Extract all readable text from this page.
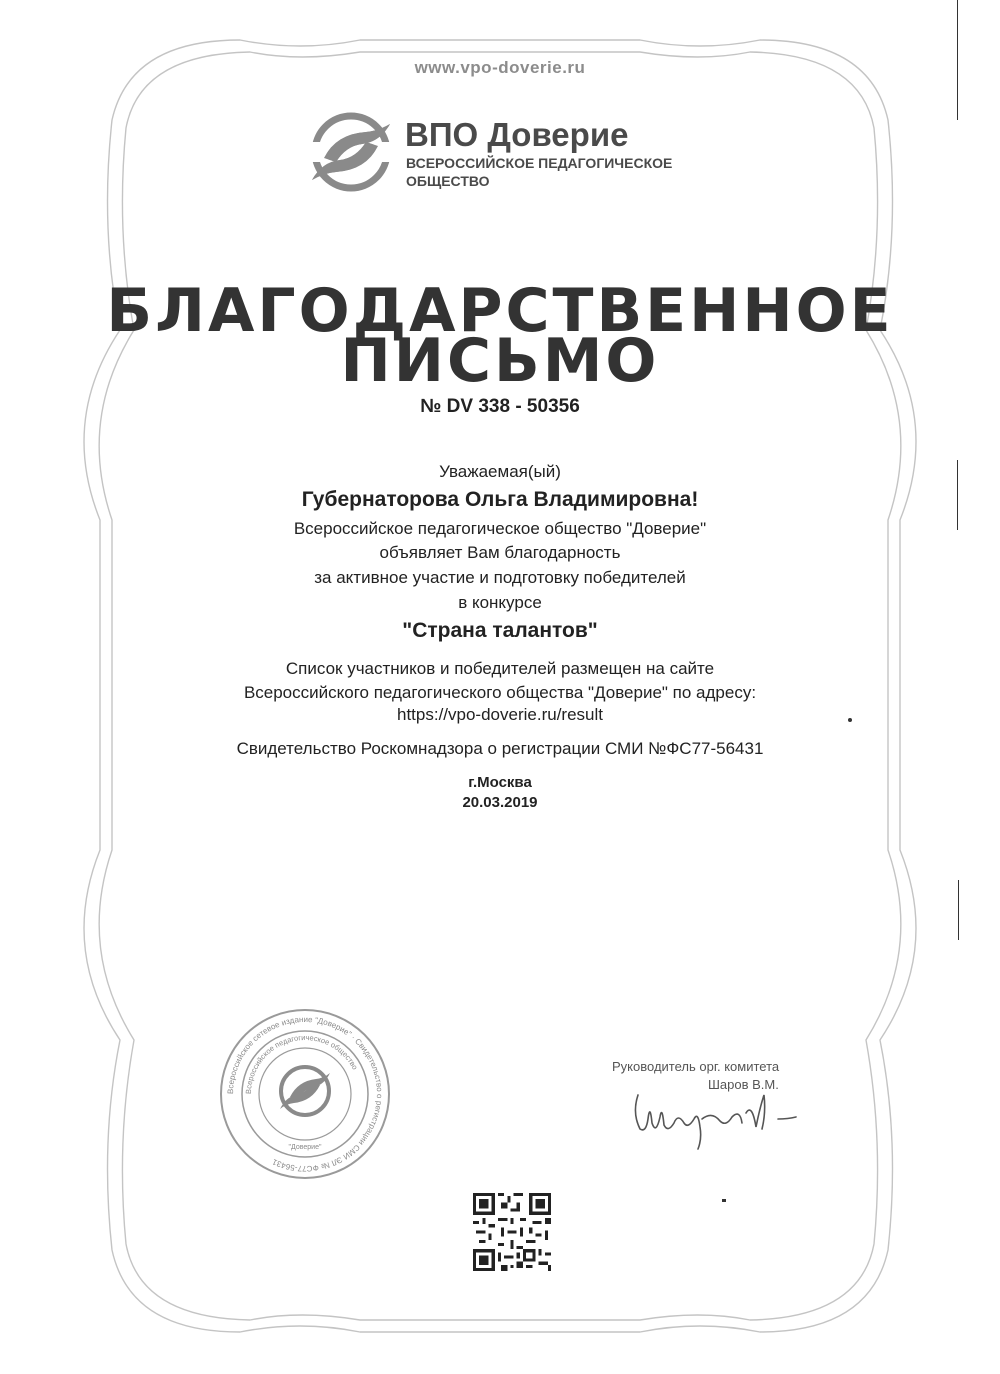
www.vpo-doverie.ru
ВПО Доверие
ВСЕРОССИЙСКОЕ ПЕДАГОГИЧЕСКОЕ
ОБЩЕСТВО
БЛАГОДАРСТВЕННОЕ
ПИСЬМО
№ DV 338 - 50356
Уважаемая(ый)
Губернаторова Ольга Владимировна!
Всероссийское педагогическое общество "Доверие"
объявляет Вам благодарность
за активное участие и подготовку победителей
в конкурсе
"Страна талантов"
Список участников и победителей размещен на сайте
Всероссийского педагогического общества "Доверие" по адресу:
https://vpo-doverie.ru/result
Свидетельство Роскомнадзора о регистрации СМИ №ФС77-56431
г.Москва
20.03.2019
Всероссийское сетевое издание "Доверие" · Свидетельство о регистрации СМИ ЭЛ № ФС77-56431
Всероссийское педагогическое общество
"Доверие"
Руководитель орг. комитета
Шаров В.М.
